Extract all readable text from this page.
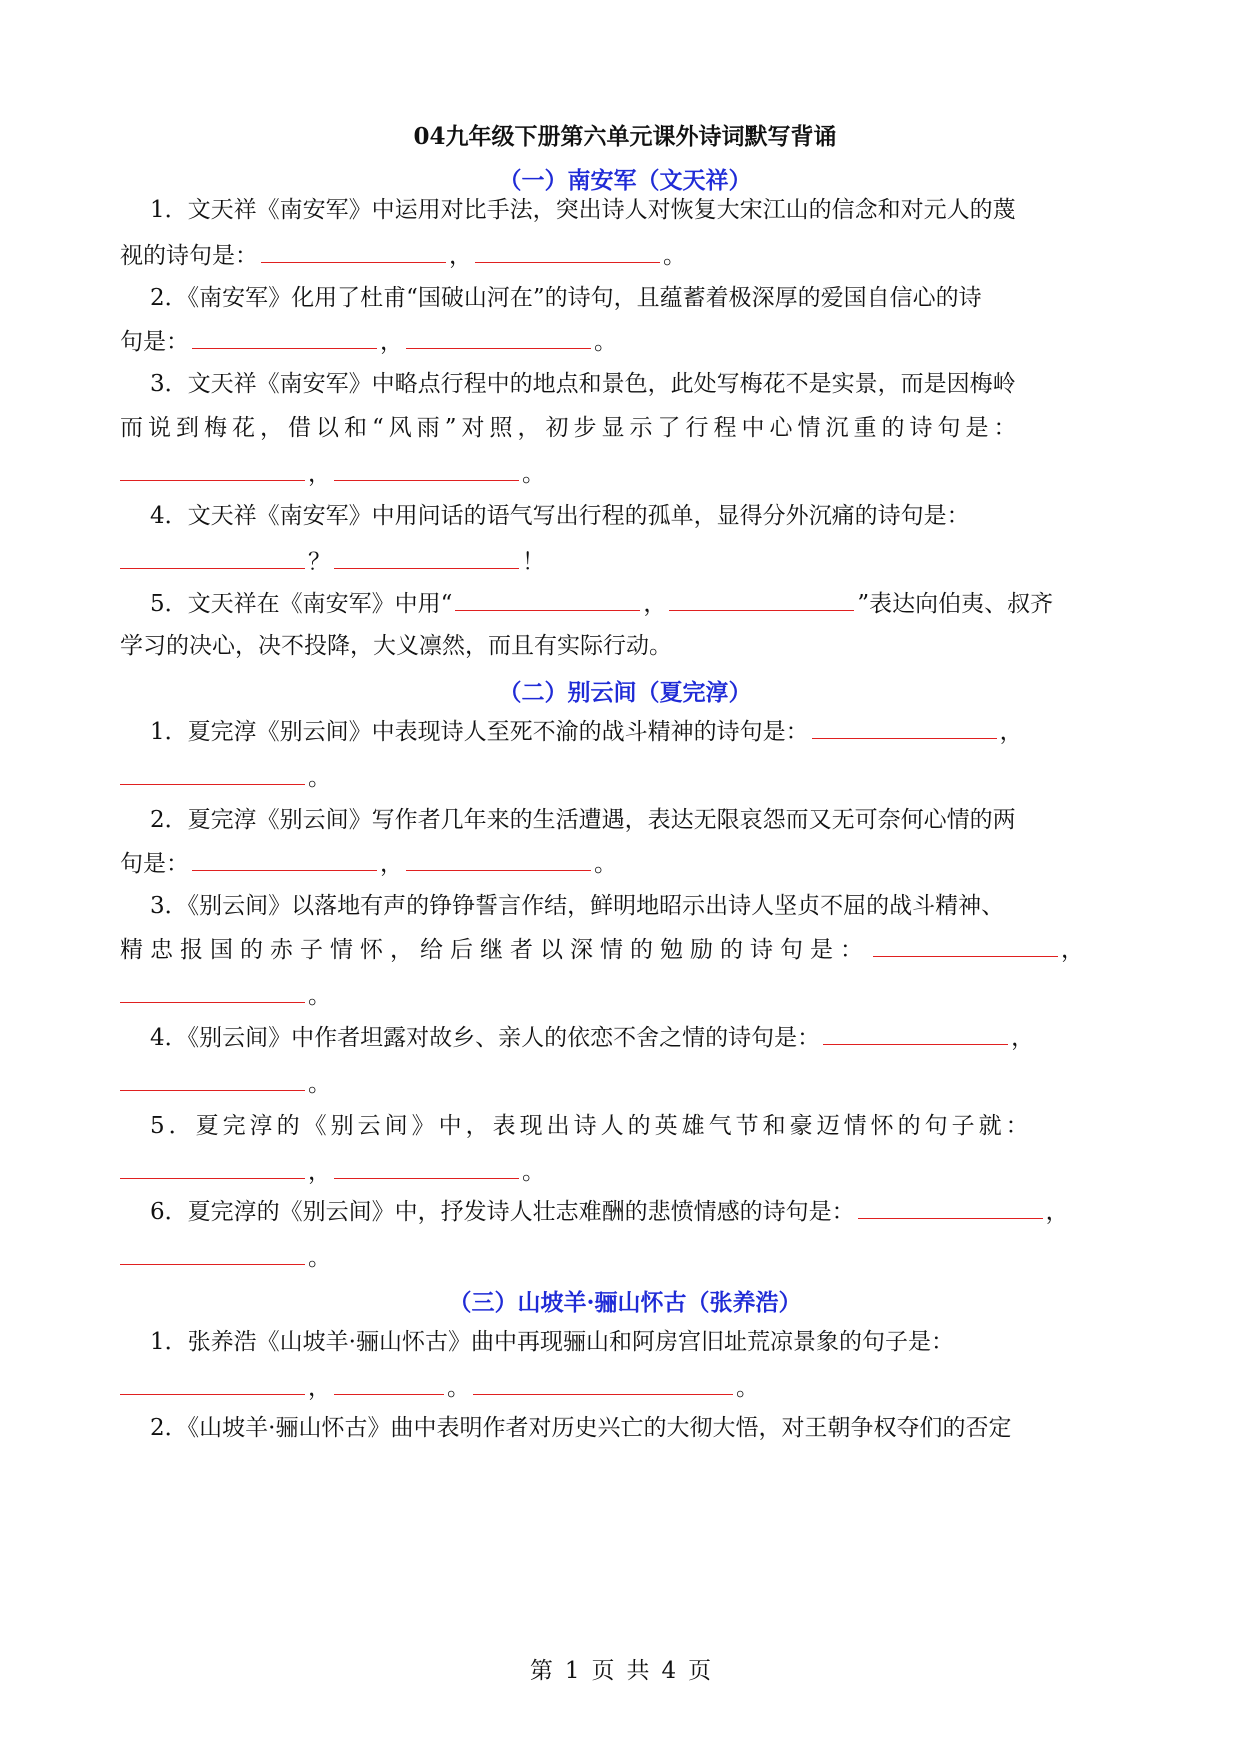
04九年级下册第六单元课外诗词默写背诵
（一）南安军（文天祥）
1．文天祥《南安军》中运用对比手法，突出诗人对恢复大宋江山的信念和对元人的蔑
视的诗句是：	，	。
2．《南安军》化用了杜甫“国破山河在”的诗句，且蕴蓄着极深厚的爱国自信心的诗
句是：	，	。
3．文天祥《南安军》中略点行程中的地点和景色，此处写梅花不是实景，而是因梅岭
而说到梅花，借以和“风雨”对照，初步显示了行程中心情沉重的诗句是：
，	。
4．文天祥《南安军》中用问话的语气写出行程的孤单，显得分外沉痛的诗句是：
？	！
5．文天祥在《南安军》中用“	，	”表达向伯夷、叔齐
学习的决心，决不投降，大义凛然，而且有实际行动。
（二）别云间（夏完淳）
1．夏完淳《别云间》中表现诗人至死不渝的战斗精神的诗句是：	，
。
2．夏完淳《别云间》写作者几年来的生活遭遇，表达无限哀怨而又无可奈何心情的两
句是：	，	。
3．《别云间》以落地有声的铮铮誓言作结，鲜明地昭示出诗人坚贞不屈的战斗精神、
精忠报国的赤子情怀，给后继者以深情的勉励的诗句是：	，
。
4．《别云间》中作者坦露对故乡、亲人的依恋不舍之情的诗句是：	，
。
5．夏完淳的《别云间》中，表现出诗人的英雄气节和豪迈情怀的句子就：
，	。
6．夏完淳的《别云间》中，抒发诗人壮志难酬的悲愤情感的诗句是：	，
。
（三）山坡羊·骊山怀古（张养浩）
1．张养浩《山坡羊·骊山怀古》曲中再现骊山和阿房宫旧址荒凉景象的句子是：
，	。	。
2．《山坡羊·骊山怀古》曲中表明作者对历史兴亡的大彻大悟，对王朝争权夺们的否定
第 1 页 共 4 页
